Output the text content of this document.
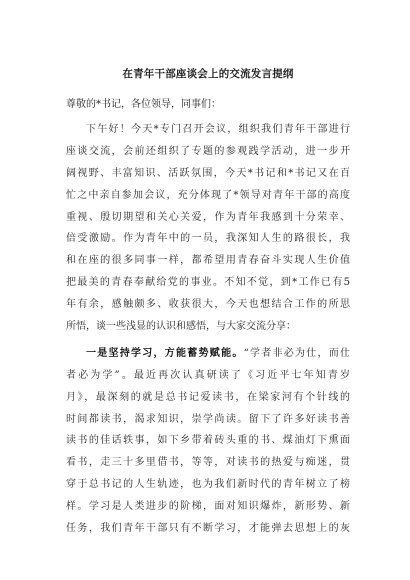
在青年干部座谈会上的交流发言提纲
尊敬的*书记，各位领导，同事们：
下午好！今天*专门召开会议，组织我们青年干部进行
座谈交流，会前还组织了专题的参观践学活动，进一步开
阔视野、丰富知识、活跃氛围，今天*书记和*书记又在百
忙之中亲自参加会议，充分体现了*领导对青年干部的高度
重视、殷切期望和关心关爱，作为青年我感到十分荣幸、
倍受激励。作为青年中的一员，我深知人生的路很长，我
和在座的很多同事一样，都希望用青春奋斗实现人生价值
把最美的青春奉献给党的事业。不知不觉，到*工作已有5
年有余，感触颇多、收获很大，今天也想结合工作的所思
所悟，谈一些浅显的认识和感悟，与大家交流分享：
一是坚持学习，方能蓄势赋能。“学者非必为仕，而仕
者必为学”。最近再次认真研读了《习近平七年知青岁
月》，最深刻的就是总书记爱读书，在梁家河有个针线的
时间都读书，渴求知识，崇学尚读。留下了许多好读书善
读书的佳话轶事，如下乡带着砖头重的书、煤油灯下熏面
看书，走三十多里借书，等等，对读书的热爱与痴迷，贯
穿于总书记的人生轨迹，也为我们新时代的青年树立了榜
样。学习是人类进步的阶梯，面对知识爆炸，新形势、新
任务，我们青年干部只有不断学习，才能弹去思想上的灰
